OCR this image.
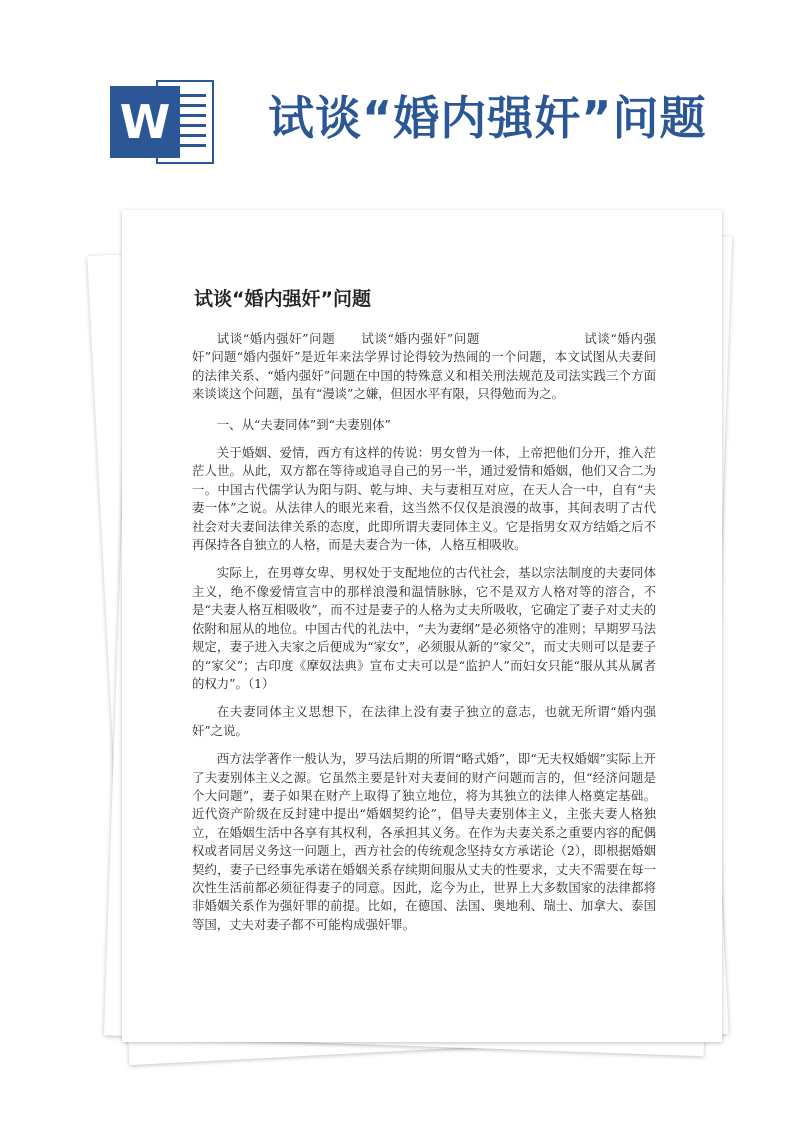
W 试谈“婚内强奸”问题
试谈“婚内强奸”问题

试谈“婚内强奸”问题　　试谈“婚内强奸”问题　　　　　　　　试谈“婚内强奸”问题“婚内强奸”是近年来法学界讨论得较为热闹的一个问题，本文试图从夫妻间的法律关系、“婚内强奸”问题在中国的特殊意义和相关刑法规范及司法实践三个方面来谈谈这个问题，虽有“漫谈”之嫌，但因水平有限，只得勉而为之。

一、从“夫妻同体”到“夫妻别体”

关于婚姻、爱情，西方有这样的传说：男女曾为一体，上帝把他们分开，推入茫茫人世。从此，双方都在等待或追寻自己的另一半，通过爱情和婚姻，他们又合二为一。中国古代儒学认为阳与阴、乾与坤、夫与妻相互对应，在天人合一中，自有“夫妻一体”之说。从法律人的眼光来看，这当然不仅仅是浪漫的故事，其间表明了古代社会对夫妻间法律关系的态度，此即所谓夫妻同体主义。它是指男女双方结婚之后不再保持各自独立的人格，而是夫妻合为一体，人格互相吸收。

实际上，在男尊女卑、男权处于支配地位的古代社会，基以宗法制度的夫妻同体主义，绝不像爱情宣言中的那样浪漫和温情脉脉，它不是双方人格对等的溶合，不是“夫妻人格互相吸收”，而不过是妻子的人格为丈夫所吸收，它确定了妻子对丈夫的依附和屈从的地位。中国古代的礼法中，“夫为妻纲”是必须恪守的准则；早期罗马法规定，妻子进入夫家之后便成为“家女”，必须服从新的“家父”，而丈夫则可以是妻子的“家父”；古印度《摩奴法典》宣布丈夫可以是“监护人”而妇女只能“服从其从属者的权力”。（1）

在夫妻同体主义思想下，在法律上没有妻子独立的意志，也就无所谓“婚内强奸”之说。

西方法学著作一般认为，罗马法后期的所谓“略式婚”，即“无夫权婚姻”实际上开了夫妻别体主义之源。它虽然主要是针对夫妻间的财产问题而言的，但“经济问题是个大问题”，妻子如果在财产上取得了独立地位，将为其独立的法律人格奠定基础。近代资产阶级在反封建中提出“婚姻契约论”，倡导夫妻别体主义，主张夫妻人格独立，在婚姻生活中各享有其权利，各承担其义务。在作为夫妻关系之重要内容的配偶权或者同居义务这一问题上，西方社会的传统观念坚持女方承诺论（2），即根据婚姻契约，妻子已经事先承诺在婚姻关系存续期间服从丈夫的性要求，丈夫不需要在每一次性生活前都必须征得妻子的同意。因此，迄今为止，世界上大多数国家的法律都将非婚姻关系作为强奸罪的前提。比如，在德国、法国、奥地利、瑞士、加拿大、泰国等国，丈夫对妻子都不可能构成强奸罪。
